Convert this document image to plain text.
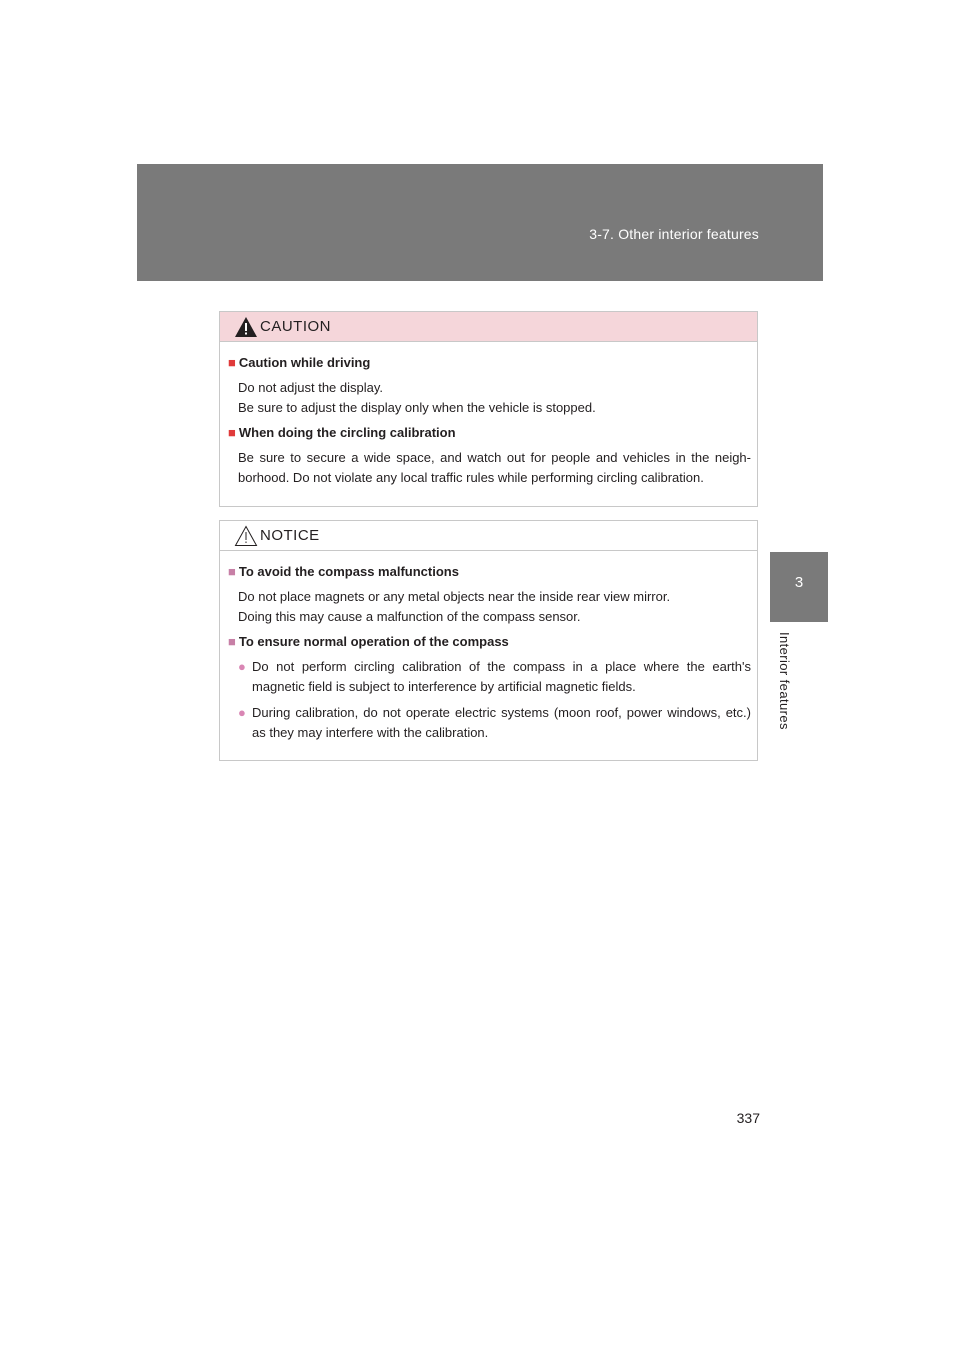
3-7. Other interior features
3
Interior features
CAUTION

■ Caution while driving

Do not adjust the display.
Be sure to adjust the display only when the vehicle is stopped.

■ When doing the circling calibration

Be sure to secure a wide space, and watch out for people and vehicles in the neigh-borhood. Do not violate any local traffic rules while performing circling calibration.

NOTICE

■ To avoid the compass malfunctions

Do not place magnets or any metal objects near the inside rear view mirror.
Doing this may cause a malfunction of the compass sensor.

■ To ensure normal operation of the compass

● Do not perform circling calibration of the compass in a place where the earth's magnetic field is subject to interference by artificial magnetic fields.

● During calibration, do not operate electric systems (moon roof, power windows, etc.) as they may interfere with the calibration.

337
